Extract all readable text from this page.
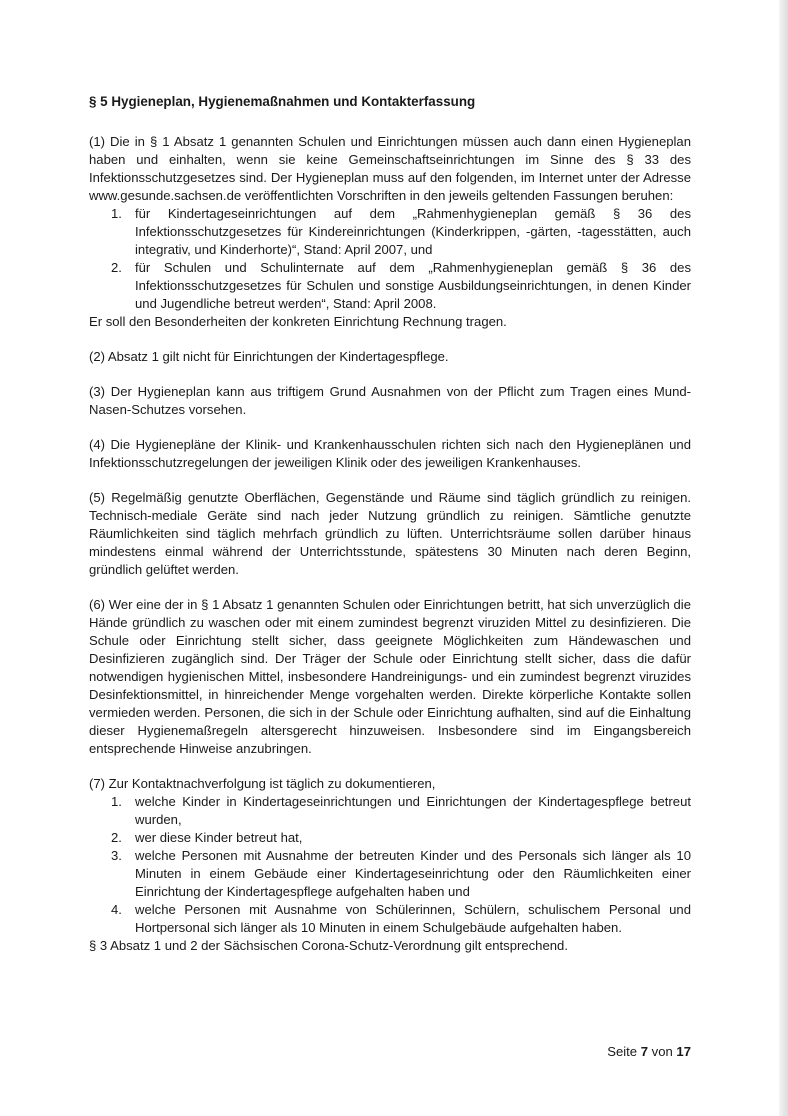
§ 5 Hygieneplan, Hygienemaßnahmen und Kontakterfassung

(1) Die in § 1 Absatz 1 genannten Schulen und Einrichtungen müssen auch dann einen Hygieneplan haben und einhalten, wenn sie keine Gemeinschaftseinrichtungen im Sinne des § 33 des Infektionsschutzgesetzes sind. Der Hygieneplan muss auf den folgenden, im Internet unter der Adresse www.gesunde.sachsen.de veröffentlichten Vorschriften in den jeweils geltenden Fassungen beruhen:

1. für Kindertageseinrichtungen auf dem „Rahmenhygieneplan gemäß § 36 des Infektionsschutzgesetzes für Kindereinrichtungen (Kinderkrippen, -gärten, -tagesstätten, auch integrativ, und Kinderhorte)“, Stand: April 2007, und
2. für Schulen und Schulinternate auf dem „Rahmenhygieneplan gemäß § 36 des Infektionsschutzgesetzes für Schulen und sonstige Ausbildungseinrichtungen, in denen Kinder und Jugendliche betreut werden“, Stand: April 2008.

Er soll den Besonderheiten der konkreten Einrichtung Rechnung tragen.

(2) Absatz 1 gilt nicht für Einrichtungen der Kindertagespflege.

(3) Der Hygieneplan kann aus triftigem Grund Ausnahmen von der Pflicht zum Tragen eines Mund-Nasen-Schutzes vorsehen.

(4) Die Hygienepläne der Klinik- und Krankenhausschulen richten sich nach den Hygieneplänen und Infektionsschutzregelungen der jeweiligen Klinik oder des jeweiligen Krankenhauses.

(5) Regelmäßig genutzte Oberflächen, Gegenstände und Räume sind täglich gründlich zu reinigen. Technisch-mediale Geräte sind nach jeder Nutzung gründlich zu reinigen. Sämtliche genutzte Räumlichkeiten sind täglich mehrfach gründlich zu lüften. Unterrichtsräume sollen darüber hinaus mindestens einmal während der Unterrichtsstunde, spätestens 30 Minuten nach deren Beginn, gründlich gelüftet werden.

(6) Wer eine der in § 1 Absatz 1 genannten Schulen oder Einrichtungen betritt, hat sich unverzüglich die Hände gründlich zu waschen oder mit einem zumindest begrenzt viruziden Mittel zu desinfizieren. Die Schule oder Einrichtung stellt sicher, dass geeignete Möglichkeiten zum Händewaschen und Desinfizieren zugänglich sind. Der Träger der Schule oder Einrichtung stellt sicher, dass die dafür notwendigen hygienischen Mittel, insbesondere Handreinigungs- und ein zumindest begrenzt viruzides Desinfektionsmittel, in hinreichender Menge vorgehalten werden. Direkte körperliche Kontakte sollen vermieden werden. Personen, die sich in der Schule oder Einrichtung aufhalten, sind auf die Einhaltung dieser Hygienemaßregeln altersgerecht hinzuweisen. Insbesondere sind im Eingangsbereich entsprechende Hinweise anzubringen.

(7) Zur Kontaktnachverfolgung ist täglich zu dokumentieren,

1. welche Kinder in Kindertageseinrichtungen und Einrichtungen der Kindertagespflege betreut wurden,
2. wer diese Kinder betreut hat,
3. welche Personen mit Ausnahme der betreuten Kinder und des Personals sich länger als 10 Minuten in einem Gebäude einer Kindertageseinrichtung oder den Räumlichkeiten einer Einrichtung der Kindertagespflege aufgehalten haben und
4. welche Personen mit Ausnahme von Schülerinnen, Schülern, schulischem Personal und Hortpersonal sich länger als 10 Minuten in einem Schulgebäude aufgehalten haben.

§ 3 Absatz 1 und 2 der Sächsischen Corona-Schutz-Verordnung gilt entsprechend.

Seite 7 von 17
